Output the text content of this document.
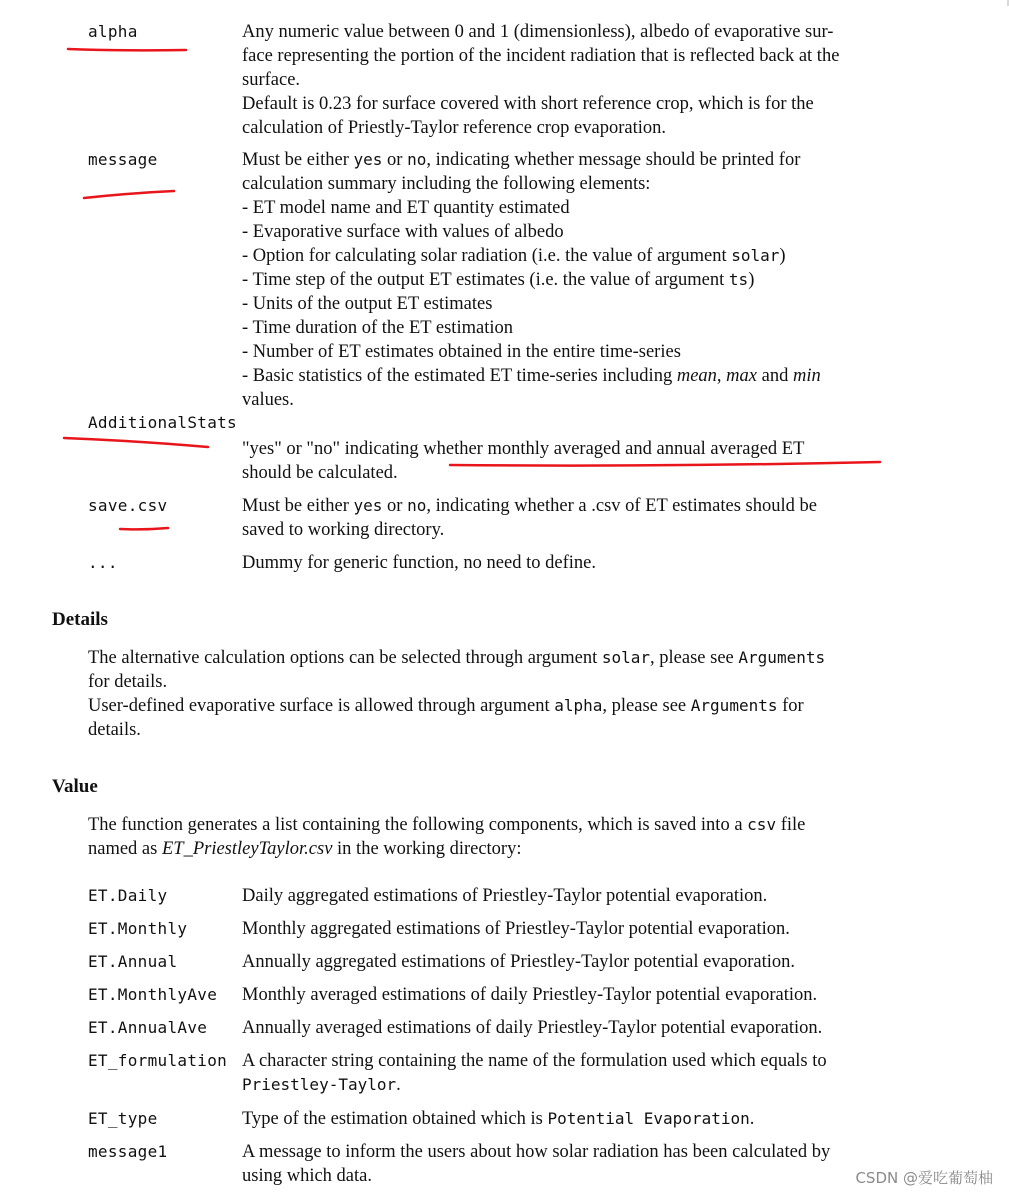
alpha	Any numeric value between 0 and 1 (dimensionless), albedo of evaporative sur-
face representing the portion of the incident radiation that is reflected back at the
surface.
Default is 0.23 for surface covered with short reference crop, which is for the
calculation of Priestly-Taylor reference crop evaporation.
message	Must be either yes or no, indicating whether message should be printed for
calculation summary including the following elements:
- ET model name and ET quantity estimated
- Evaporative surface with values of albedo
- Option for calculating solar radiation (i.e. the value of argument solar)
- Time step of the output ET estimates (i.e. the value of argument ts)
- Units of the output ET estimates
- Time duration of the ET estimation
- Number of ET estimates obtained in the entire time-series
- Basic statistics of the estimated ET time-series including mean, max and min
values.
AdditionalStats
"yes" or "no" indicating whether monthly averaged and annual averaged ET
should be calculated.
save.csv	Must be either yes or no, indicating whether a .csv of ET estimates should be
saved to working directory.
...	Dummy for generic function, no need to define.
Details
The alternative calculation options can be selected through argument solar, please see Arguments
for details.
User-defined evaporative surface is allowed through argument alpha, please see Arguments for
details.
Value
The function generates a list containing the following components, which is saved into a csv file
named as ET_PriestleyTaylor.csv in the working directory:
ET.Daily	Daily aggregated estimations of Priestley-Taylor potential evaporation.
ET.Monthly	Monthly aggregated estimations of Priestley-Taylor potential evaporation.
ET.Annual	Annually aggregated estimations of Priestley-Taylor potential evaporation.
ET.MonthlyAve Monthly averaged estimations of daily Priestley-Taylor potential evaporation.
ET.AnnualAve Annually averaged estimations of daily Priestley-Taylor potential evaporation.
ET_formulation A character string containing the name of the formulation used which equals to
Priestley-Taylor.
ET_type	Type of the estimation obtained which is Potential Evaporation.
message1	A message to inform the users about how solar radiation has been calculated by
using which data.	CSDN @爱吃葡萄柚
